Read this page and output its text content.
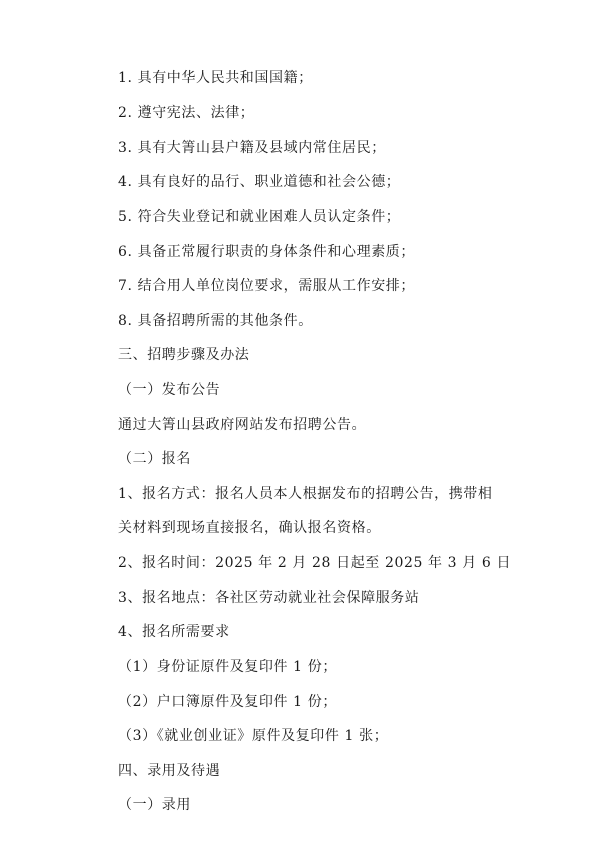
1. 具有中华人民共和国国籍；
2. 遵守宪法、法律；
3. 具有大箐山县户籍及县域内常住居民；
4. 具有良好的品行、职业道德和社会公德；
5. 符合失业登记和就业困难人员认定条件；
6. 具备正常履行职责的身体条件和心理素质；
7. 结合用人单位岗位要求，需服从工作安排；
8. 具备招聘所需的其他条件。
三、招聘步骤及办法
（一）发布公告
通过大箐山县政府网站发布招聘公告。
（二）报名
1、报名方式：报名人员本人根据发布的招聘公告，携带相
关材料到现场直接报名，确认报名资格。
2、报名时间：2025 年 2 月 28 日起至 2025 年 3 月 6 日
3、报名地点：各社区劳动就业社会保障服务站
4、报名所需要求
（1）身份证原件及复印件 1 份；
（2）户口簿原件及复印件 1 份；
（3）《就业创业证》原件及复印件 1 张；
四、录用及待遇
（一）录用
